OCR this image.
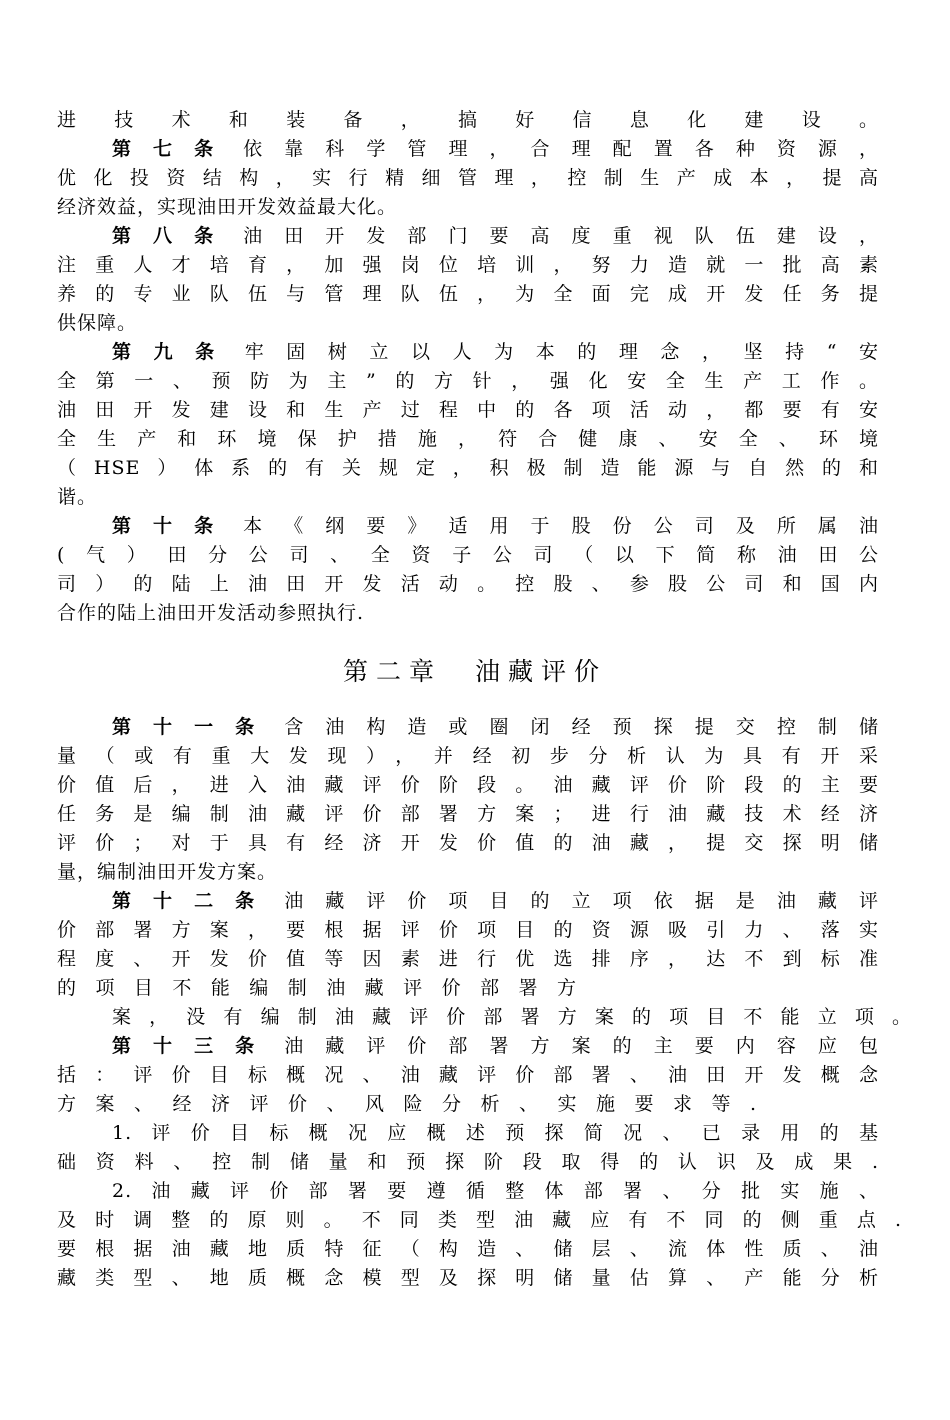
进技术和装备，搞好信息化建设。
第七条 依靠科学管理，合理配置各种资源，
优化投资结构，实行精细管理，控制生产成本，提高
经济效益，实现油田开发效益最大化。
第八条 油田开发部门要高度重视队伍建设，
注重人才培育，加强岗位培训，努力造就一批高素
养的专业队伍与管理队伍，为全面完成开发任务提
供保障。
第九条 牢固树立以人为本的理念，坚持“安
全第一、预防为主”的方针，强化安全生产工作。
油田开发建设和生产过程中的各项活动，都要有安
全生产和环境保护措施，符合健康、安全、环境
（HSE）体系的有关规定，积极制造能源与自然的和
谐。
第十条 本《纲要》适用于股份公司及所属油
(气）田分公司、全资子公司（以下简称油田公
司）的陆上油田开发活动。控股、参股公司和国内
合作的陆上油田开发活动参照执行.
第二章　油藏评价
第十一条 含油构造或圈闭经预探提交控制储
量（或有重大发现），并经初步分析认为具有开采
价值后，进入油藏评价阶段。油藏评价阶段的主要
任务是编制油藏评价部署方案；进行油藏技术经济
评价；对于具有经济开发价值的油藏，提交探明储
量，编制油田开发方案。
第十二条 油藏评价项目的立项依据是油藏评
价部署方案，要根据评价项目的资源吸引力、落实
程度、开发价值等因素进行优选排序，达不到标准
的项目不能编制油藏评价部署方
案，没有编制油藏评价部署方案的项目不能立项。
第十三条 油藏评价部署方案的主要内容应包
括：评价目标概况、油藏评价部署、油田开发概念
方案、经济评价、风险分析、实施要求等.
1.评价目标概况应概述预探简况、已录用的基
础资料、控制储量和预探阶段取得的认识及成果.
2.油藏评价部署要遵循整体部署、分批实施、
及时调整的原则。不同类型油藏应有不同的侧重点.
要根据油藏地质特征（构造、储层、流体性质、油
藏类型、地质概念模型及探明储量估算、产能分析
